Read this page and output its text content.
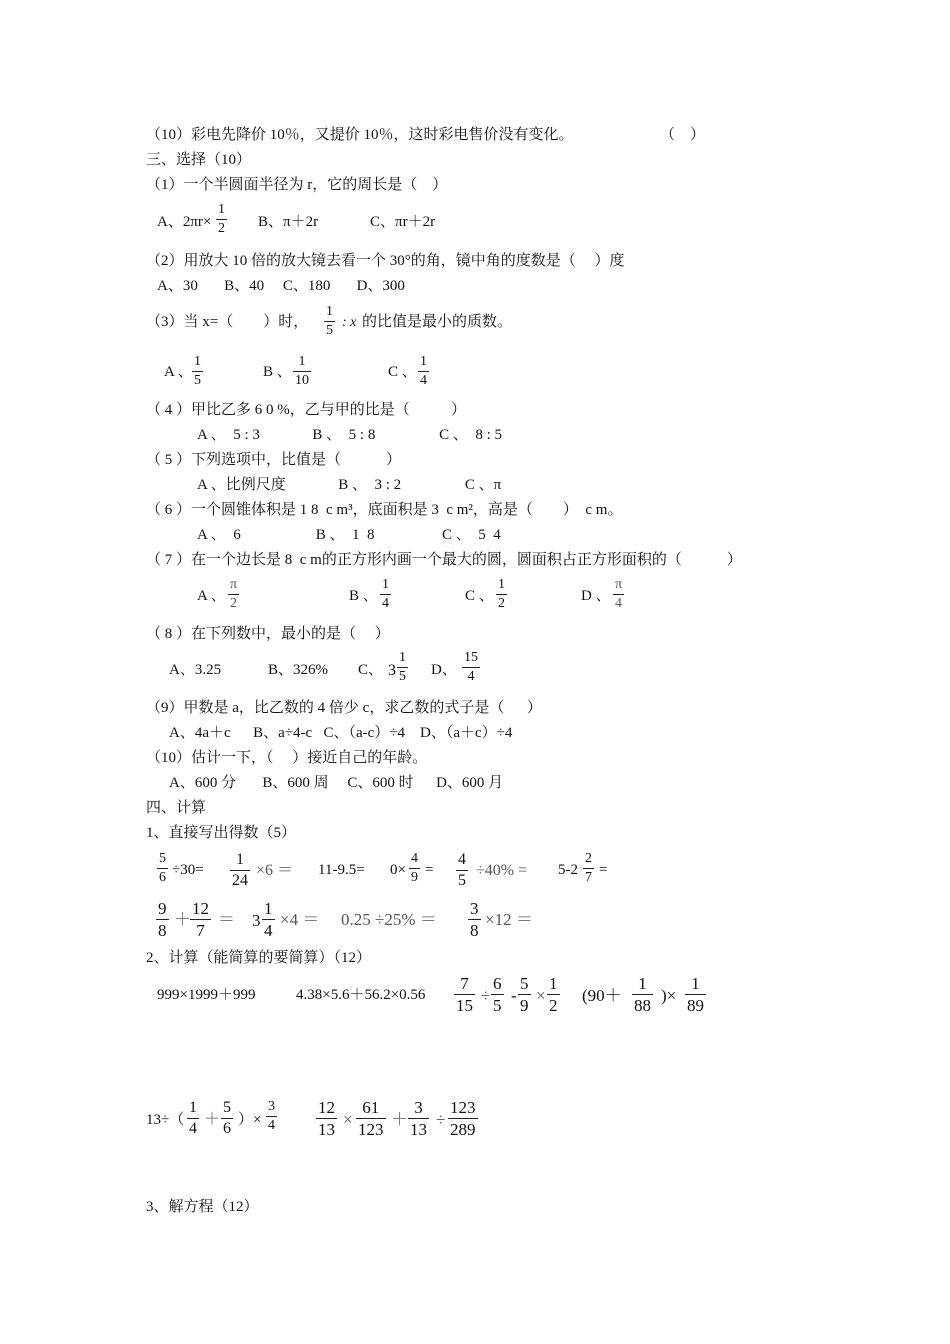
（10）彩电先降价 10％，又提价 10％，这时彩电售价没有变化。	（    ）
三、选择（10）
（1）一个半圆面半径为 r，它的周长是（    ）
A、2πr×
1
2 B、π＋2r	C、πr＋2r
（2）用放大 10 倍的放大镜去看一个 30°的角，镜中角的度数是（     ）度
A、30       B、40     C、180       D、300
（3）当 x=（        ）时，
1
5
: x 的比值是最小的质数。
A 、
1
5
B 、
1
10
C 、
1
4
（ 4 ）甲比乙多 6 0 %，乙与甲的比是（           ）
A 、  5 : 3              B 、  5 : 8                 C 、  8 : 5
（ 5 ）下列选项中，比值是（            ）
A 、比例尺度              B 、  3 : 2                 C 、π
（ 6 ）一个圆锥体积是 1 8  c m³，底面积是 3  c m²，高是（        ）  c m。
A 、  6                    B 、  1  8                  C 、  5  4
（ 7 ）在一个边长是 8  c m的正方形内画一个最大的圆，圆面积占正方形面积的（            ）
A 、
π
2	B 、
1
4	C 、
1
2	D 、
π
4
（ 8 ）在下列数中，最小的是（     ）
A、3.25	B、326% C、 3
1
5 D、
15
4
（9）甲数是 a，比乙数的 4 倍少 c，求乙数的式子是（      ）
A、4a＋c      B、a÷4-c   C、（a-c）÷4    D、（a＋c）÷4
（10）估计一下，（     ）接近自己的年龄。
A、600 分       B、600 周     C、600 时      D、600 月
四、计算
1、直接写出得数（5）
5
6 ÷30=
1
24
×6 ＝ 11-9.5= 0×
4
9 =
4
5
÷40% = 5-2
2
7 =
9
8
＋
12
7
＝ 3
1
4
×4 ＝ 0.25 ÷25% ＝
3
8
×12 ＝
2、计算（能简算的要简算）（12）
999×1999＋999	4.38×5.6＋56.2×0.56
7
15
÷
6
5
-
5
9
×
1
2
(90＋
1
88
)×
1
89
13÷（
1
4
＋
5
6 ）×
3
4
12
13
×
61
123
＋
3
13
÷
123
289
3、解方程（12）
